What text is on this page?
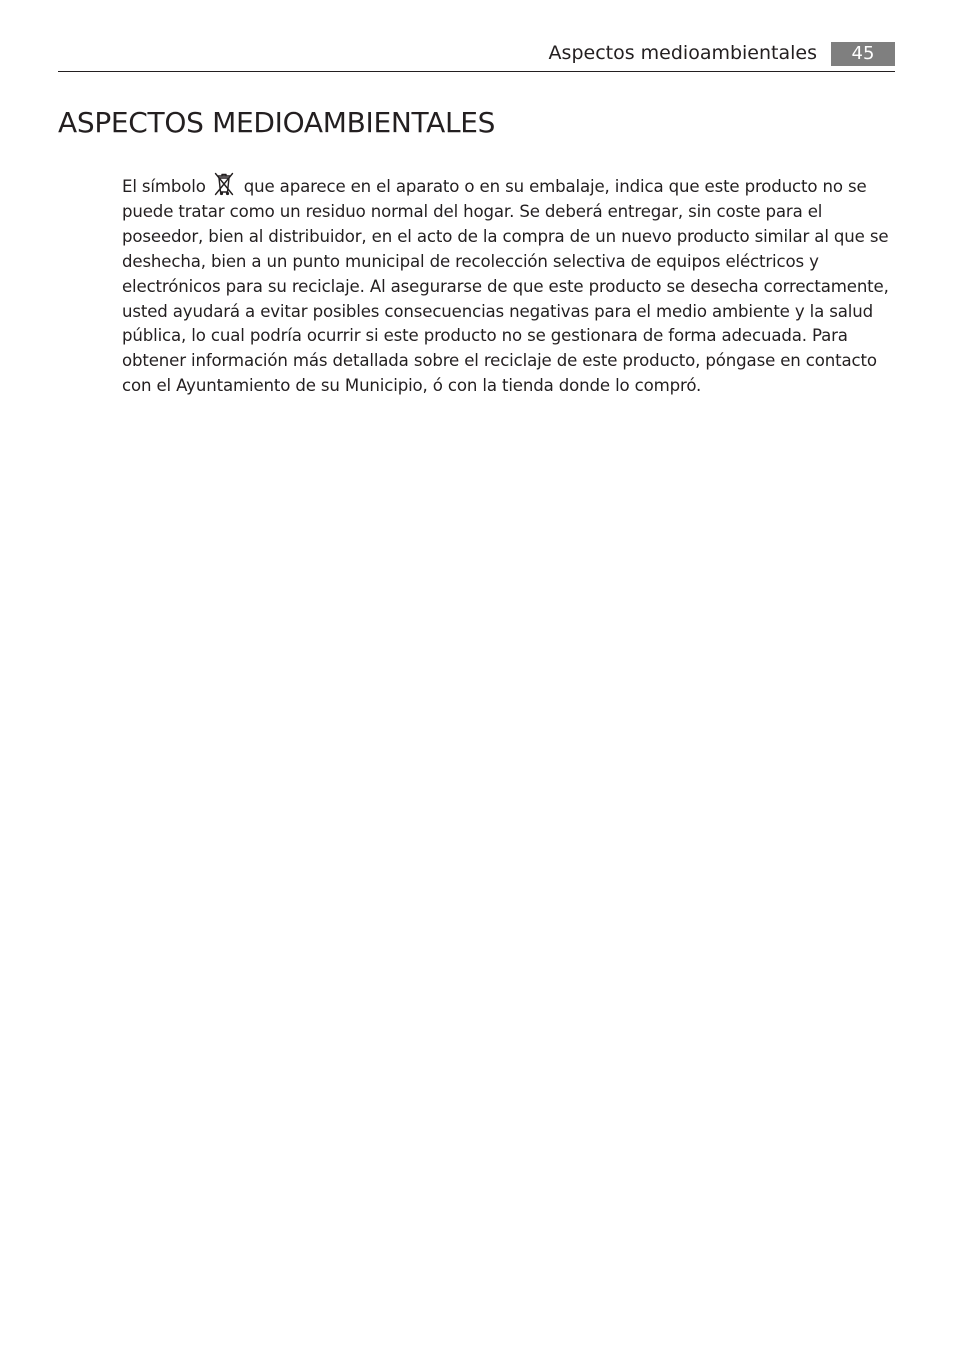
Aspectos medioambientales	45
ASPECTOS MEDIOAMBIENTALES

El símbolo que aparece en el aparato o en su embalaje, indica que este producto no se puede tratar como un residuo normal del hogar. Se deberá entregar, sin coste para el poseedor, bien al distribuidor, en el acto de la compra de un nuevo producto similar al que se deshecha, bien a un punto municipal de recolección selectiva de equipos eléctricos y electrónicos para su reciclaje. Al asegurarse de que este producto se desecha correctamente, usted ayudará a evitar posibles consecuencias negativas para el medio ambiente y la salud pública, lo cual podría ocurrir si este producto no se gestionara de forma adecuada. Para obtener información más detallada sobre el reciclaje de este producto, póngase en contacto con el Ayuntamiento de su Municipio, ó con la tienda donde lo compró.
